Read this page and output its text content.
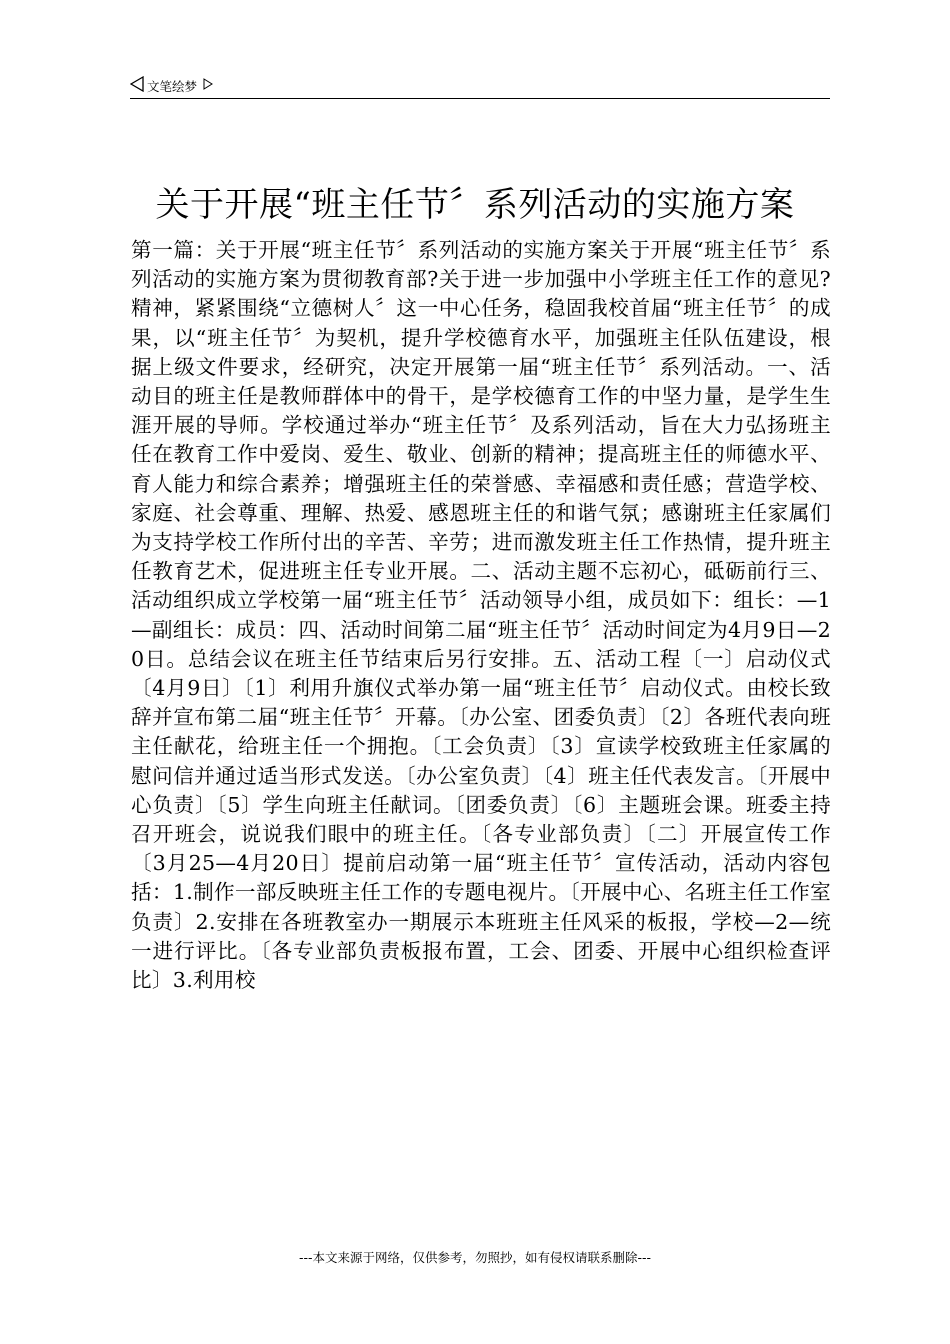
文笔绘梦
关于开展“班主任节〞系列活动的实施方案

第一篇：关于开展“班主任节〞系列活动的实施方案关于开展“班主任节〞系列活动的实施方案为贯彻教育部?关于进一步加强中小学班主任工作的意见?精神，紧紧围绕“立德树人〞这一中心任务，稳固我校首届“班主任节〞的成果，以“班主任节〞为契机，提升学校德育水平，加强班主任队伍建设，根据上级文件要求，经研究，决定开展第一届“班主任节〞系列活动。一、活动目的班主任是教师群体中的骨干，是学校德育工作的中坚力量，是学生生涯开展的导师。学校通过举办“班主任节〞及系列活动，旨在大力弘扬班主任在教育工作中爱岗、爱生、敬业、创新的精神；提高班主任的师德水平、育人能力和综合素养；增强班主任的荣誉感、幸福感和责任感；营造学校、家庭、社会尊重、理解、热爱、感恩班主任的和谐气氛；感谢班主任家属们为支持学校工作所付出的辛苦、辛劳；进而激发班主任工作热情，提升班主任教育艺术，促进班主任专业开展。二、活动主题不忘初心，砥砺前行三、活动组织成立学校第一届“班主任节〞活动领导小组，成员如下：组长：—1—副组长：成员：四、活动时间第二届“班主任节〞活动时间定为4月9日—20日。总结会议在班主任节结束后另行安排。五、活动工程〔一〕启动仪式〔4月9日〕〔1〕利用升旗仪式举办第一届“班主任节〞启动仪式。由校长致辞并宣布第二届“班主任节〞开幕。〔办公室、团委负责〕〔2〕各班代表向班主任献花，给班主任一个拥抱。〔工会负责〕〔3〕宣读学校致班主任家属的慰问信并通过适当形式发送。〔办公室负责〕〔4〕班主任代表发言。〔开展中心负责〕〔5〕学生向班主任献词。〔团委负责〕〔6〕主题班会课。班委主持召开班会，说说我们眼中的班主任。〔各专业部负责〕〔二〕开展宣传工作〔3月25—4月20日〕提前启动第一届“班主任节〞宣传活动，活动内容包括：1.制作一部反映班主任工作的专题电视片。〔开展中心、名班主任工作室负责〕2.安排在各班教室办一期展示本班班主任风采的板报，学校—2—统一进行评比。〔各专业部负责板报布置，工会、团委、开展中心组织检查评比〕3.利用校

---本文来源于网络，仅供参考，勿照抄，如有侵权请联系删除---
